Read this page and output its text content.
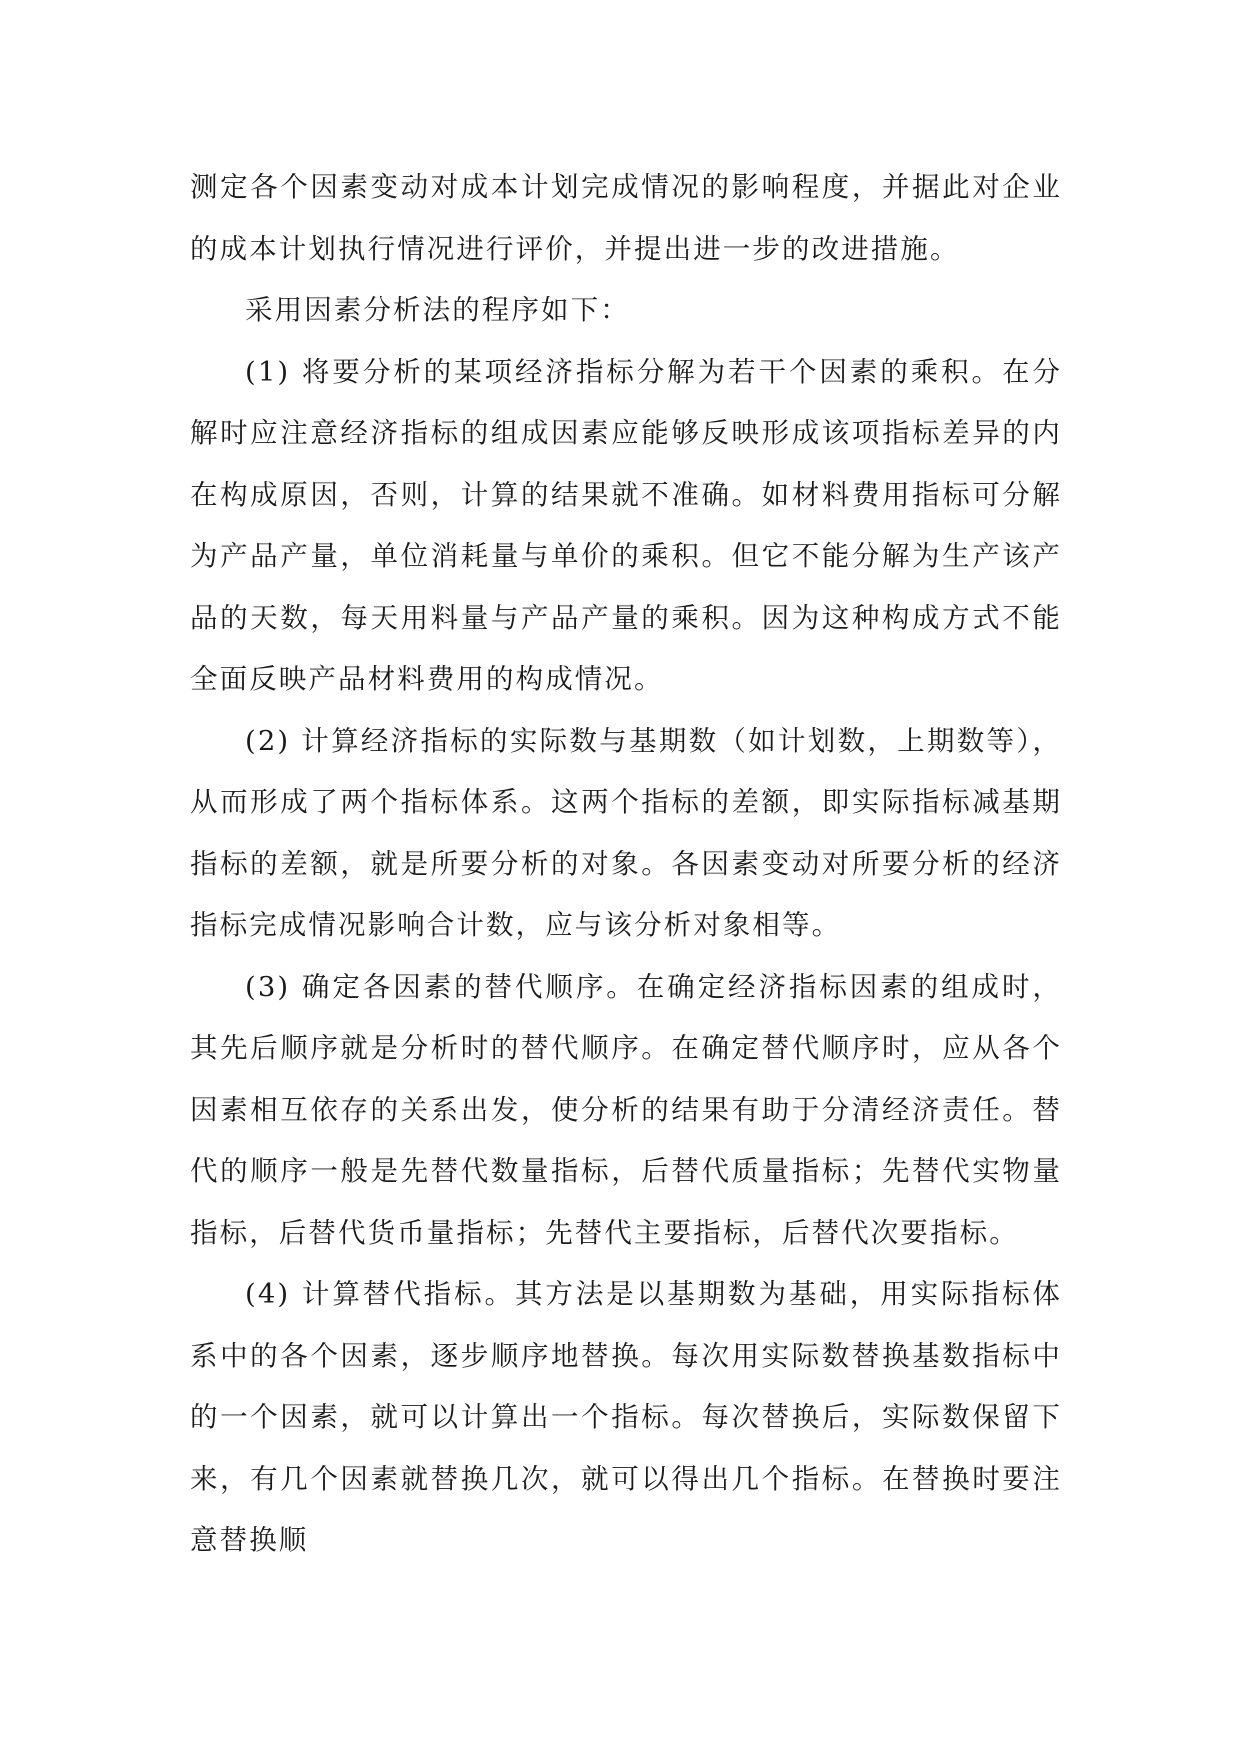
测定各个因素变动对成本计划完成情况的影响程度，并据此对企业的成本计划执行情况进行评价，并提出进一步的改进措施。

采用因素分析法的程序如下：

(1) 将要分析的某项经济指标分解为若干个因素的乘积。在分解时应注意经济指标的组成因素应能够反映形成该项指标差异的内在构成原因，否则，计算的结果就不准确。如材料费用指标可分解为产品产量，单位消耗量与单价的乘积。但它不能分解为生产该产品的天数，每天用料量与产品产量的乘积。因为这种构成方式不能全面反映产品材料费用的构成情况。

(2) 计算经济指标的实际数与基期数（如计划数，上期数等），从而形成了两个指标体系。这两个指标的差额，即实际指标减基期指标的差额，就是所要分析的对象。各因素变动对所要分析的经济指标完成情况影响合计数，应与该分析对象相等。

(3) 确定各因素的替代顺序。在确定经济指标因素的组成时，其先后顺序就是分析时的替代顺序。在确定替代顺序时，应从各个因素相互依存的关系出发，使分析的结果有助于分清经济责任。替代的顺序一般是先替代数量指标，后替代质量指标；先替代实物量指标，后替代货币量指标；先替代主要指标，后替代次要指标。

(4) 计算替代指标。其方法是以基期数为基础，用实际指标体系中的各个因素，逐步顺序地替换。每次用实际数替换基数指标中的一个因素，就可以计算出一个指标。每次替换后，实际数保留下来，有几个因素就替换几次，就可以得出几个指标。在替换时要注意替换顺
